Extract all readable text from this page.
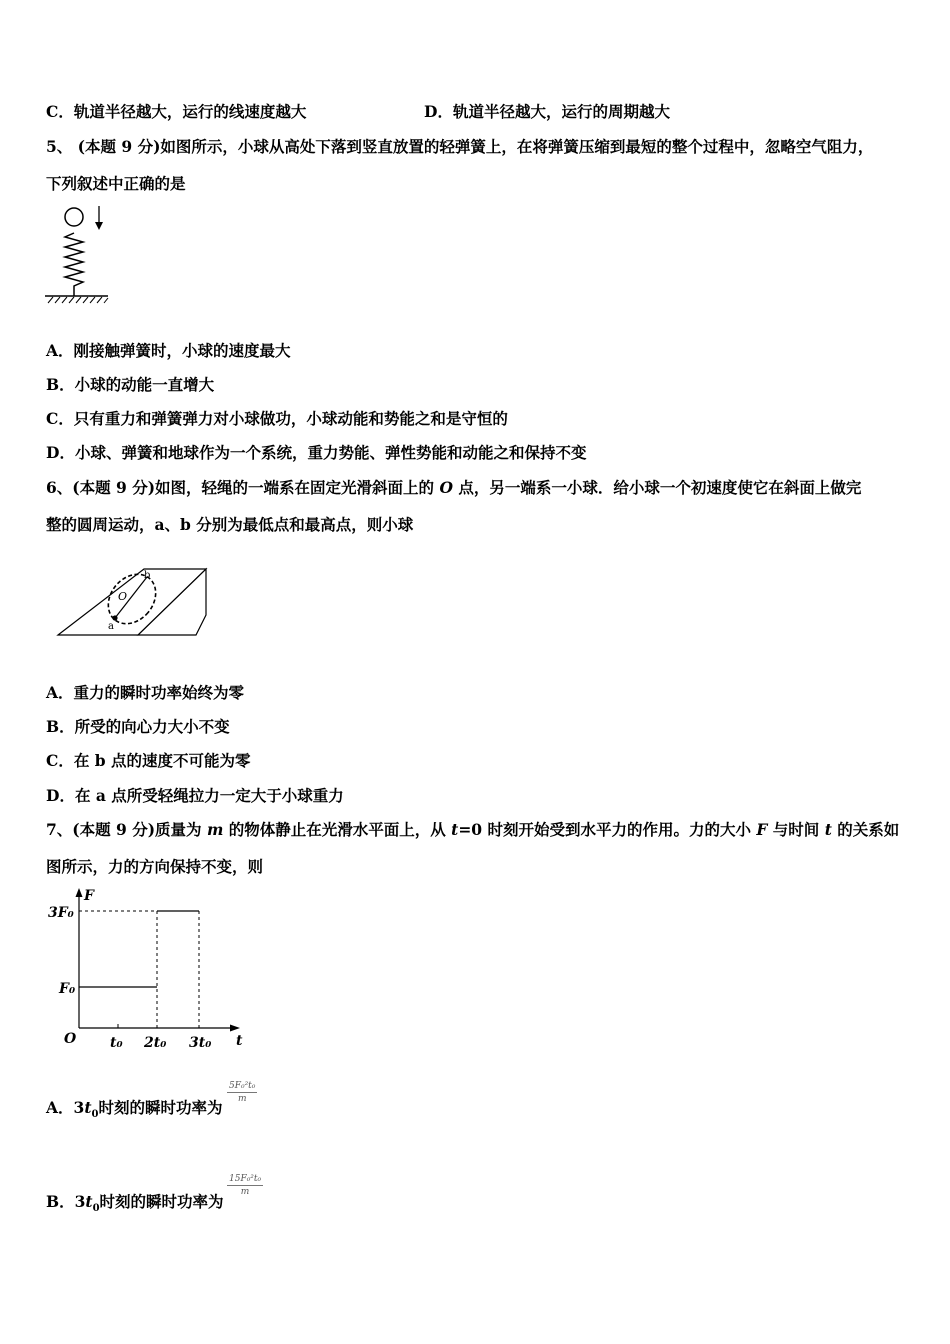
C．轨道半径越大，运行的线速度越大	D．轨道半径越大，运行的周期越大
5、 (本题 9 分)如图所示，小球从高处下落到竖直放置的轻弹簧上，在将弹簧压缩到最短的整个过程中，忽略空气阻力，
下列叙述中正确的是
A．刚接触弹簧时，小球的速度最大
B．小球的动能一直增大
C．只有重力和弹簧弹力对小球做功，小球动能和势能之和是守恒的
D．小球、弹簧和地球作为一个系统，重力势能、弹性势能和动能之和保持不变
6、(本题 9 分)如图，轻绳的一端系在固定光滑斜面上的 O 点，另一端系一小球．给小球一个初速度使它在斜面上做完
整的圆周运动，a、b 分别为最低点和最高点，则小球
b
O
a
A．重力的瞬时功率始终为零
B．所受的向心力大小不变
C．在 b 点的速度不可能为零
D．在 a 点所受轻绳拉力一定大于小球重力
7、(本题 9 分)质量为 m 的物体静止在光滑水平面上，从 t=0 时刻开始受到水平力的作用。力的大小 F 与时间 t 的关系如
图所示，力的方向保持不变，则
F
3F₀
F₀
O t₀ 2t₀ 3t₀ t
A．$3t_0$时刻的瞬时功率为
$\frac{\text{5F₀²t₀}}{m}$
B．$3t_0$时刻的瞬时功率为
$\frac{\text{15F₀²t₀}}{m}$
